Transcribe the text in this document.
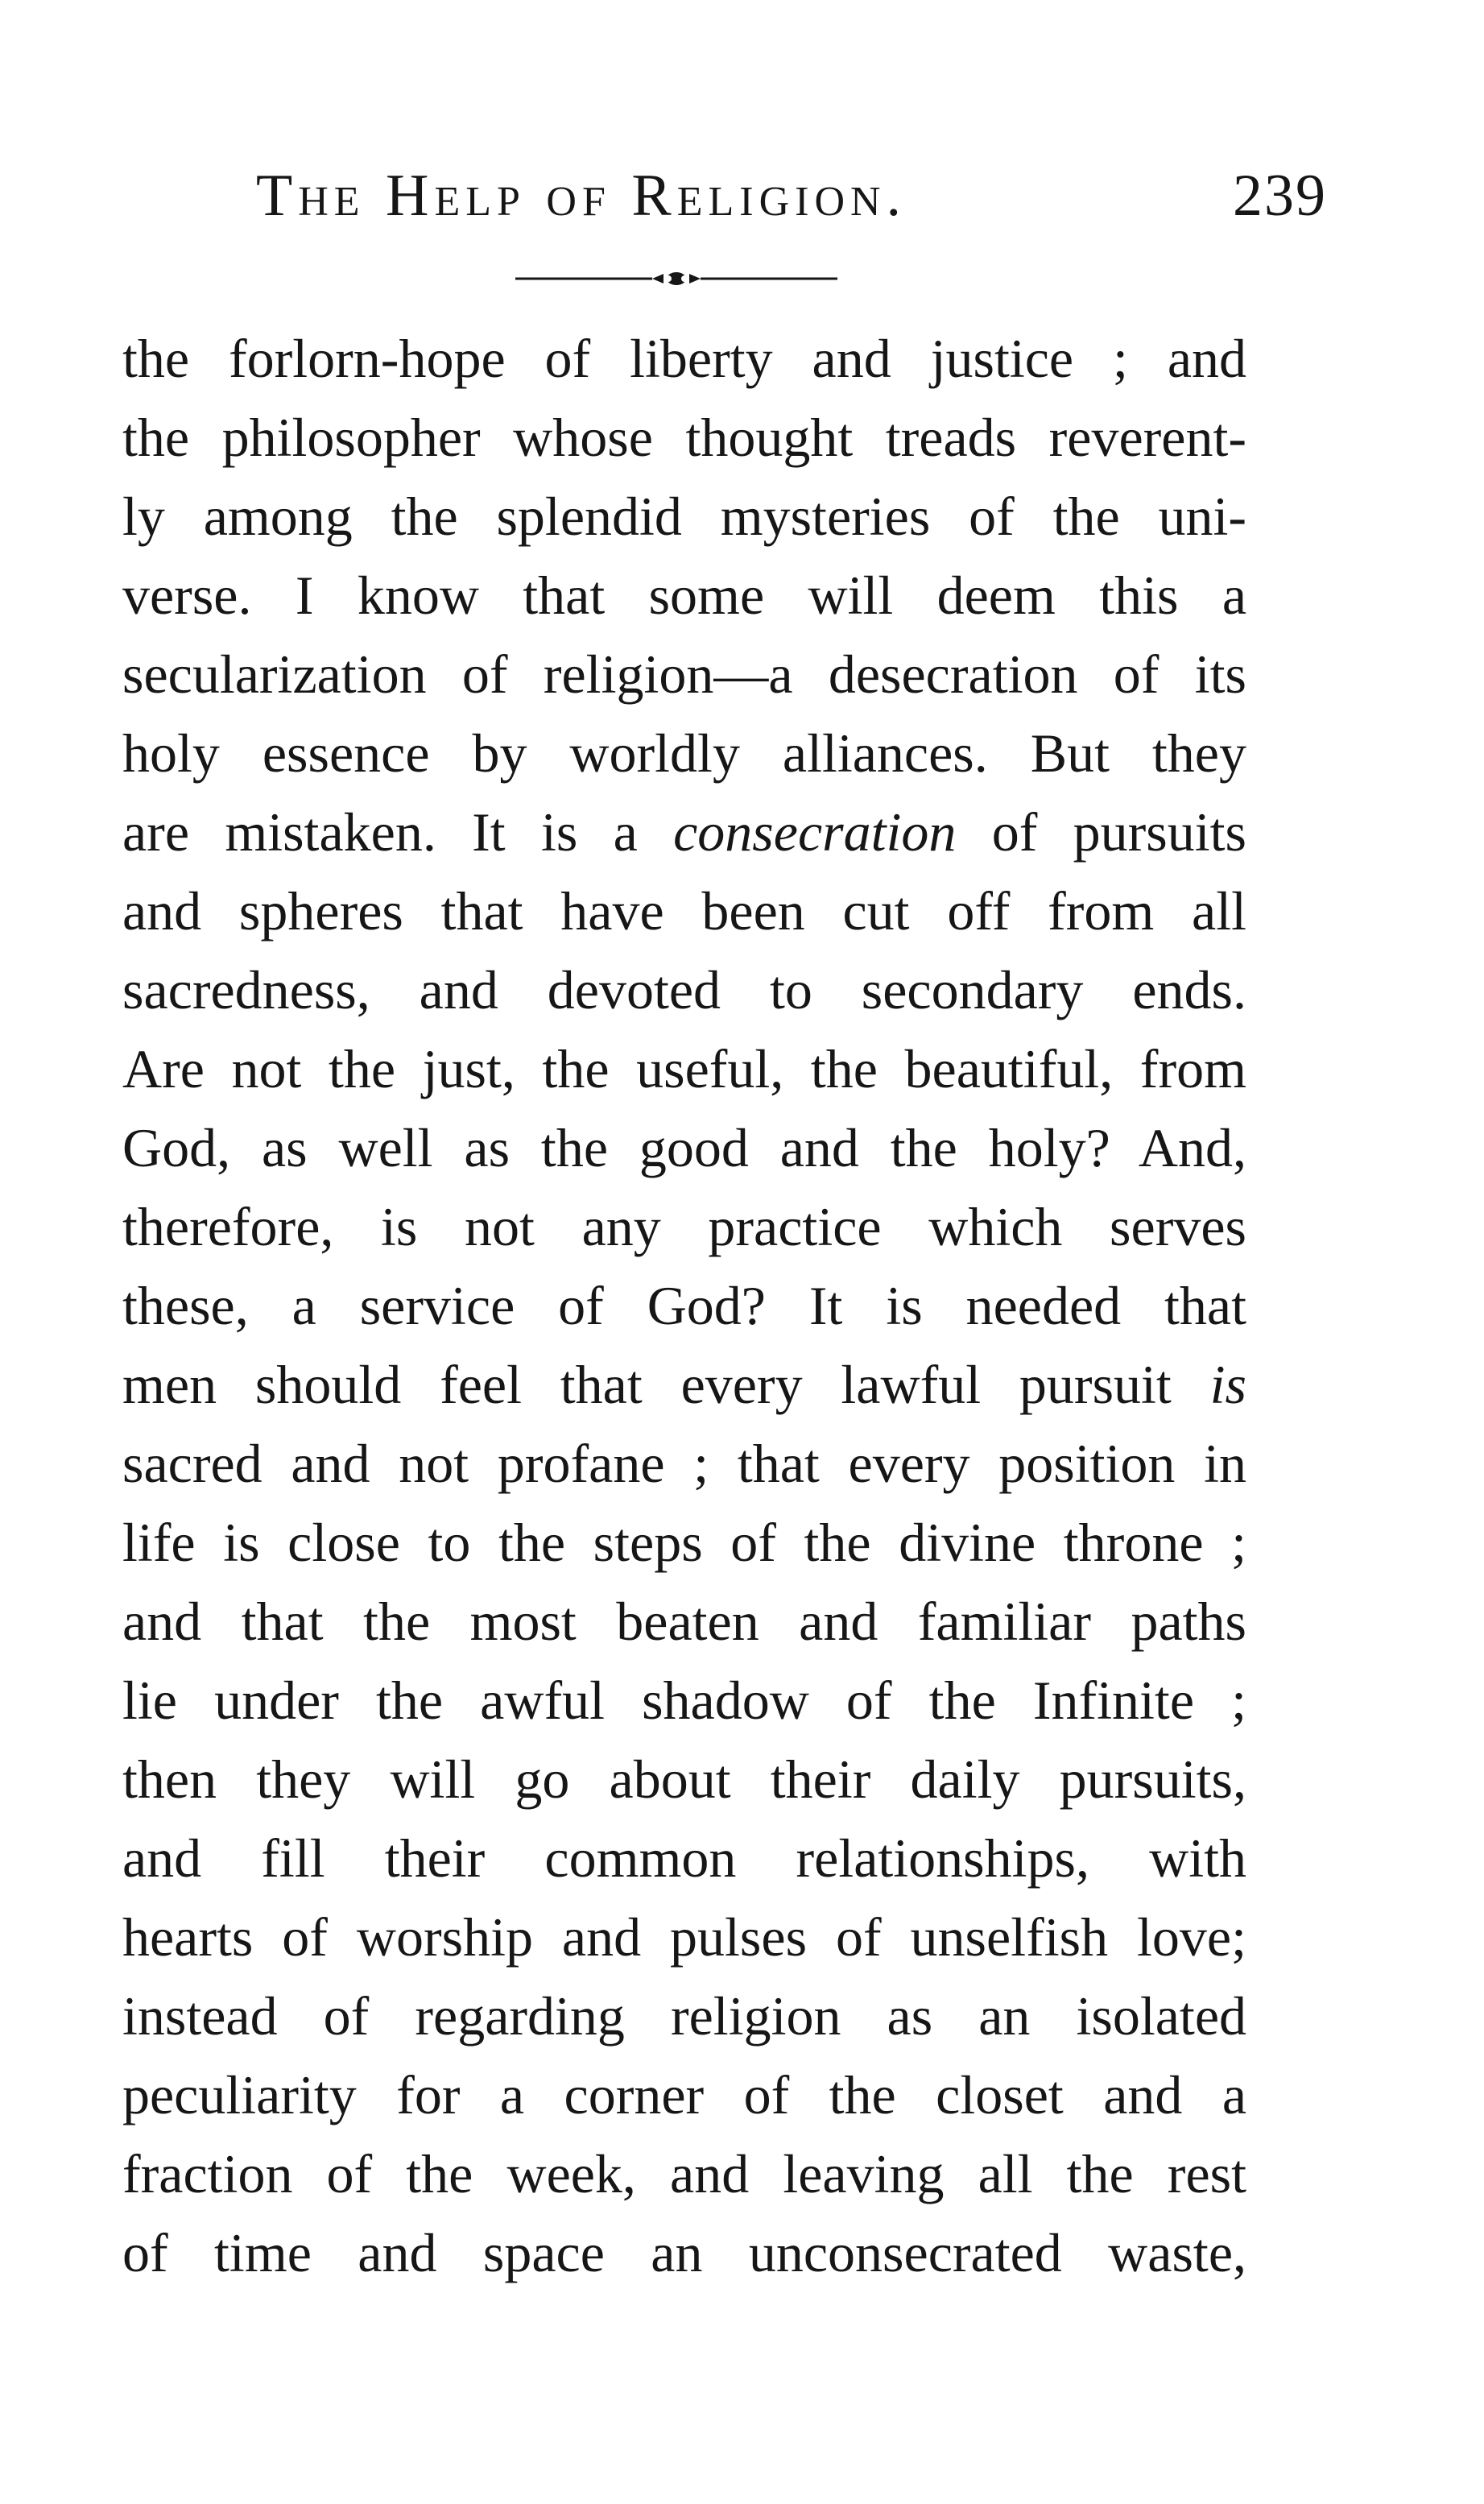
The Help of Religion.	239
the forlorn-hope of liberty and justice ; and
the philosopher whose thought treads reverent-
ly among the splendid mysteries of the uni-
verse. I know that some will deem this a
secularization of religion—a desecration of its
holy essence by worldly alliances. But they
are mistaken. It is a consecration of pursuits
and spheres that have been cut off from all
sacredness, and devoted to secondary ends.
Are not the just, the useful, the beautiful, from
God, as well as the good and the holy? And,
therefore, is not any practice which serves
these, a service of God? It is needed that
men should feel that every lawful pursuit is
sacred and not profane ; that every position in
life is close to the steps of the divine throne ;
and that the most beaten and familiar paths
lie under the awful shadow of the Infinite ;
then they will go about their daily pursuits,
and fill their common relationships, with
hearts of worship and pulses of unselfish love;
instead of regarding religion as an isolated
peculiarity for a corner of the closet and a
fraction of the week, and leaving all the rest
of time and space an unconsecrated waste,
